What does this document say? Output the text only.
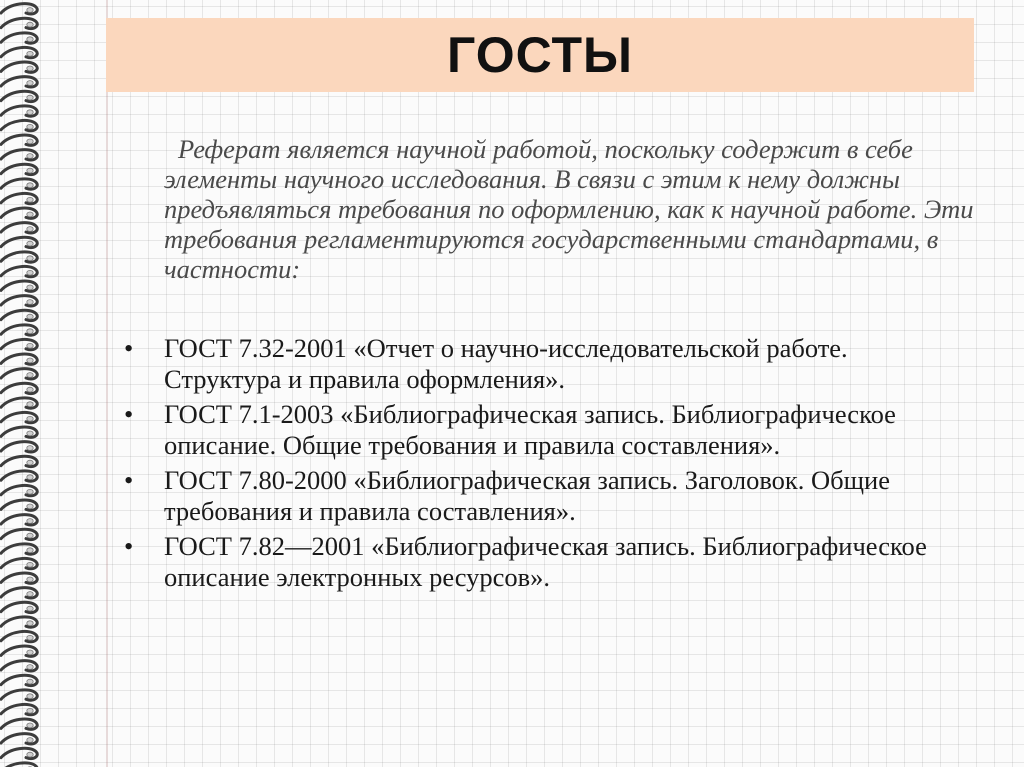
ГОСТЫ

Реферат является научной работой, поскольку содержит в себе элементы научного исследования. В связи с этим к нему должны предъявляться требования по оформлению, как к научной работе. Эти требования регламентируются государственными стандартами, в частности:

•	ГОСТ 7.32-2001 «Отчет о научно-исследовательской работе. Структура и правила оформления».
•	ГОСТ 7.1-2003 «Библиографическая запись. Библиографическое описание. Общие требования и правила составления».
•	ГОСТ 7.80-2000 «Библиографическая запись. Заголовок. Общие требования и правила составления».
•	ГОСТ 7.82—2001 «Библиографическая запись. Библиографическое описание электронных ресурсов».
